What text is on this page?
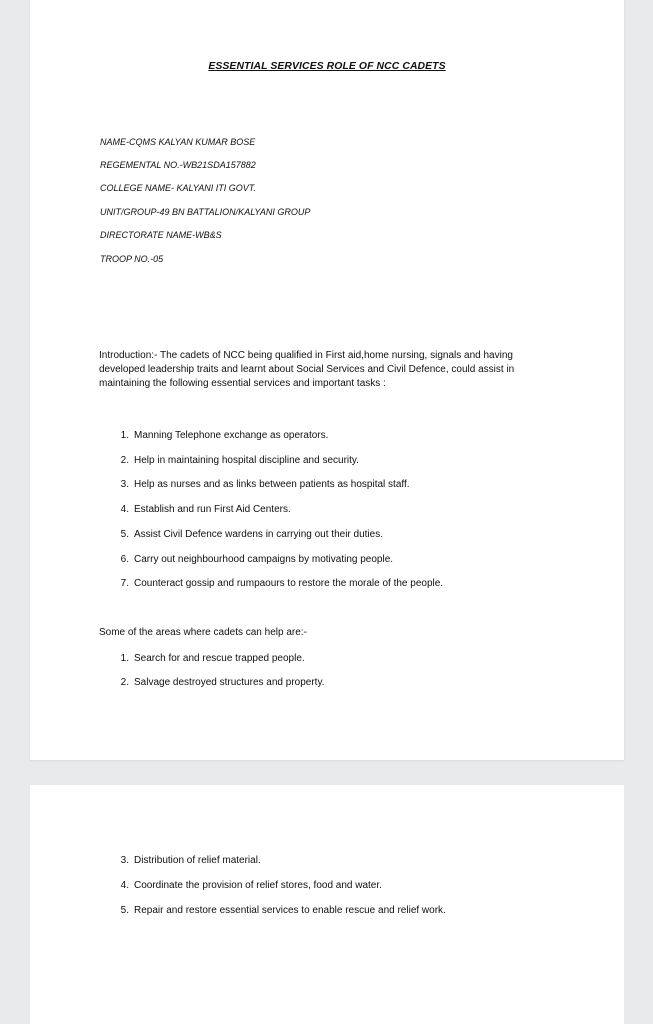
ESSENTIAL SERVICES ROLE OF NCC CADETS
NAME-CQMS KALYAN KUMAR BOSE
REGEMENTAL NO.-WB21SDA157882
COLLEGE NAME- KALYANI ITI GOVT.
UNIT/GROUP-49 BN BATTALION/KALYANI GROUP
DIRECTORATE NAME-WB&S
TROOP NO.-05
Introduction:- The cadets of NCC being qualified in First aid,home nursing, signals and having
developed leadership traits and learnt about Social Services and Civil Defence, could assist in
maintaining the following essential services and important tasks :
1. Manning Telephone exchange as operators.
2. Help in maintaining hospital discipline and security.
3. Help as nurses and as links between patients as hospital staff.
4. Establish and run First Aid Centers.
5. Assist Civil Defence wardens in carrying out their duties.
6. Carry out neighbourhood campaigns by motivating people.
7. Counteract gossip and rumpaours to restore the morale of the people.
Some of the areas where cadets can help are:-
1. Search for and rescue trapped people.
2. Salvage destroyed structures and property.
3. Distribution of relief material.
4. Coordinate the provision of relief stores, food and water.
5. Repair and restore essential services to enable rescue and relief work.
